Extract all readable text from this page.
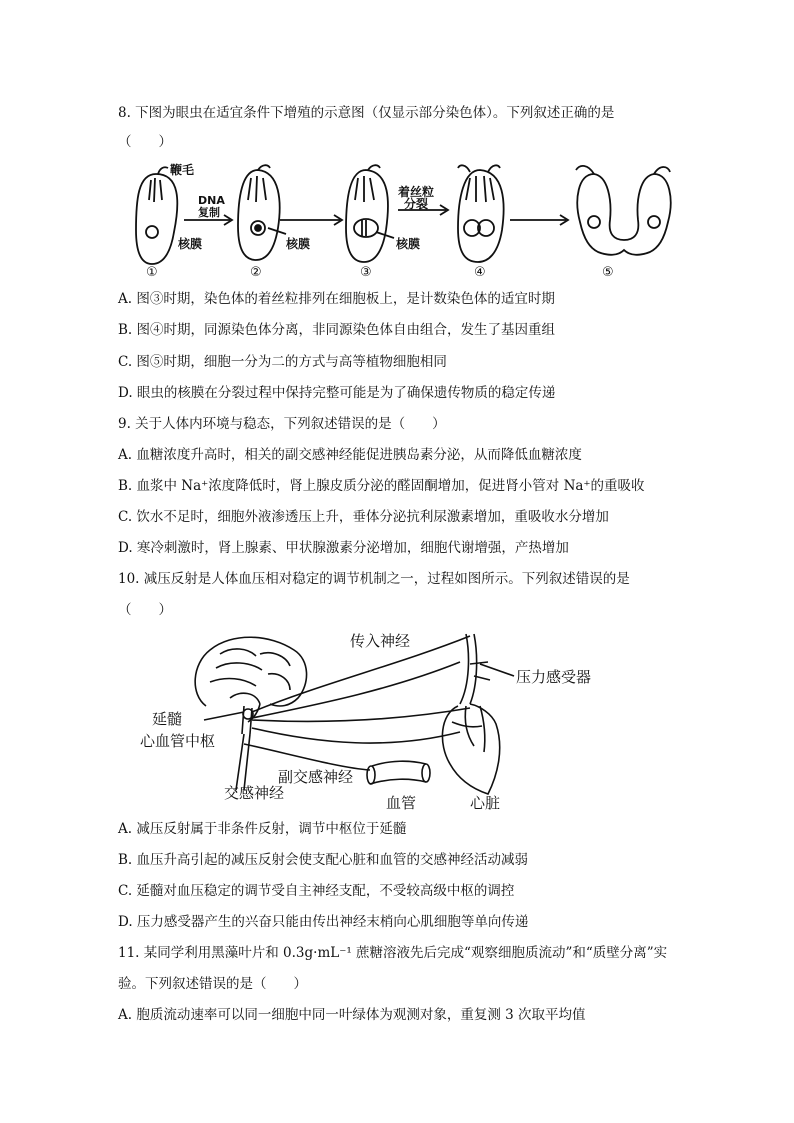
8. 下图为眼虫在适宜条件下增殖的示意图（仅显示部分染色体）。下列叙述正确的是
（　　）
鞭毛
DNA
复制
核膜	核膜
着丝粒
分裂
核膜
①	②	③	④	⑤
A. 图③时期，染色体的着丝粒排列在细胞板上，是计数染色体的适宜时期
B. 图④时期，同源染色体分离，非同源染色体自由组合，发生了基因重组
C. 图⑤时期，细胞一分为二的方式与高等植物细胞相同
D. 眼虫的核膜在分裂过程中保持完整可能是为了确保遗传物质的稳定传递
9. 关于人体内环境与稳态，下列叙述错误的是（　　）
A. 血糖浓度升高时，相关的副交感神经能促进胰岛素分泌，从而降低血糖浓度
B. 血浆中 Na⁺浓度降低时，肾上腺皮质分泌的醛固酮增加，促进肾小管对 Na⁺的重吸收
C. 饮水不足时，细胞外液渗透压上升，垂体分泌抗利尿激素增加，重吸收水分增加
D. 寒冷刺激时，肾上腺素、甲状腺激素分泌增加，细胞代谢增强，产热增加
10. 减压反射是人体血压相对稳定的调节机制之一，过程如图所示。下列叙述错误的是
（　　）
传入神经
压力感受器
延髓
心血管中枢
副交感神经
交感神经
血管	心脏
A. 减压反射属于非条件反射，调节中枢位于延髓
B. 血压升高引起的减压反射会使支配心脏和血管的交感神经活动减弱
C. 延髓对血压稳定的调节受自主神经支配，不受较高级中枢的调控
D. 压力感受器产生的兴奋只能由传出神经末梢向心肌细胞等单向传递
11. 某同学利用黑藻叶片和 0.3g·mL⁻¹ 蔗糖溶液先后完成“观察细胞质流动”和“质壁分离”实
验。下列叙述错误的是（　　）
A. 胞质流动速率可以同一细胞中同一叶绿体为观测对象，重复测 3 次取平均值
